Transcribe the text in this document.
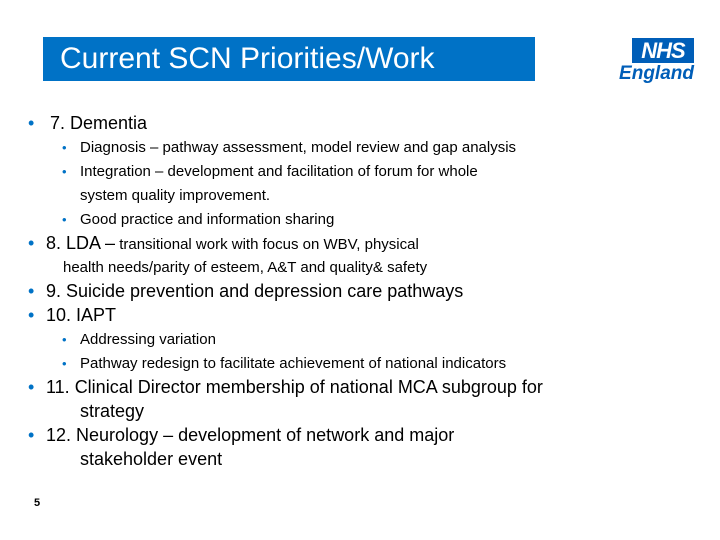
Current SCN Priorities/Work	NHS
England
• 7. Dementia
• Diagnosis – pathway assessment, model review and gap analysis
• Integration – development and facilitation of forum for whole
system quality improvement.
• Good practice and information sharing
• 8. LDA – transitional work with focus on WBV, physical
health needs/parity of esteem, A&T and quality& safety
• 9. Suicide prevention and depression care pathways
• 10. IAPT
• Addressing variation
• Pathway redesign to facilitate achievement of national indicators
• 11. Clinical Director membership of national MCA subgroup for
strategy
• 12. Neurology – development of network and major
stakeholder event
5
